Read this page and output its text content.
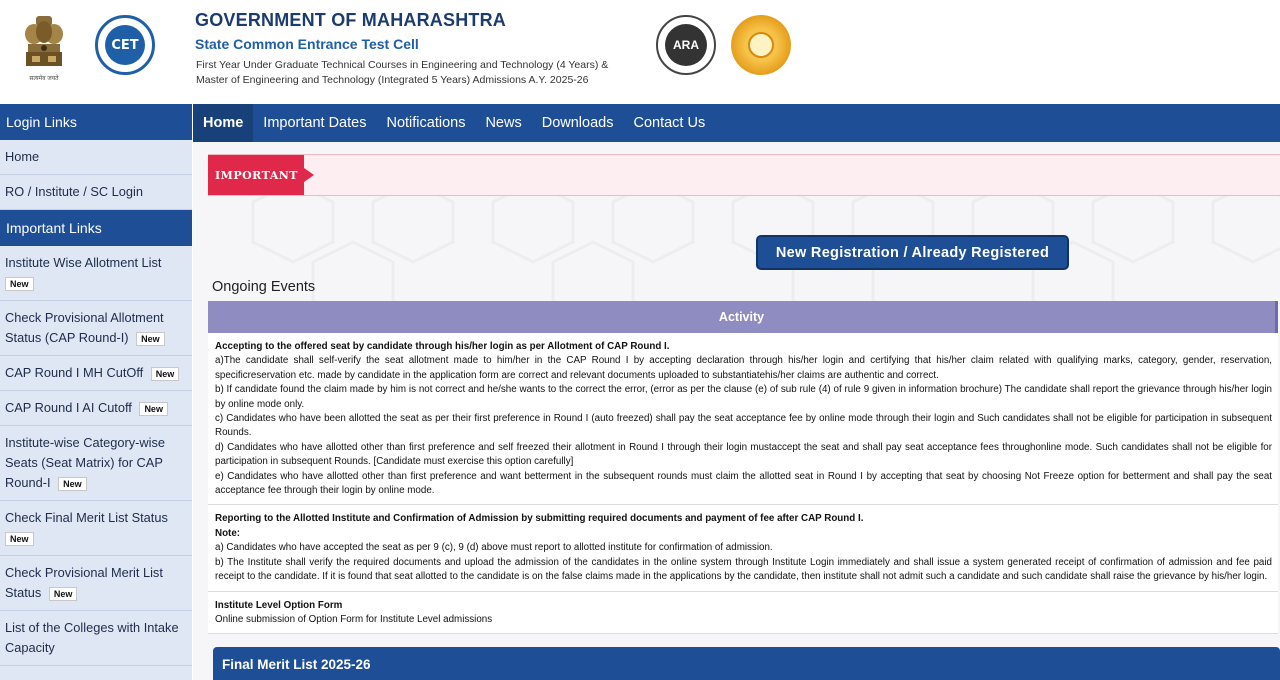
सत्यमेव जयते
CET
GOVERNMENT OF MAHARASHTRA
State Common Entrance Test Cell
First Year Under Graduate Technical Courses in Engineering and Technology (4 Years) &
Master of Engineering and Technology (Integrated 5 Years) Admissions A.Y. 2025-26
ARA
Home	Important Dates	Notifications	News	Downloads	Contact Us
Login Links
Home
RO / Institute / SC Login
Important Links
Institute Wise Allotment List
New
Check Provisional Allotment Status (CAP Round-I) New
CAP Round I MH CutOff New
CAP Round I AI Cutoff New
Institute-wise Category-wise Seats (Seat Matrix) for CAP Round-I New
Check Final Merit List Status
New
Check Provisional Merit List Status New
List of the Colleges with Intake Capacity
IMPORTANT
New Registration / Already Registered
Ongoing Events
Activity

Accepting to the offered seat by candidate through his/her login as per Allotment of CAP Round I.

a)The candidate shall self-verify the seat allotment made to him/her in the CAP Round I by accepting declaration through his/her login and certifying that his/her claim related with qualifying marks, category, gender, reservation, specificreservation etc. made by candidate in the application form are correct and relevant documents uploaded to substantiatehis/her claims are authentic and correct.

b) If candidate found the claim made by him is not correct and he/she wants to the correct the error, (error as per the clause (e) of sub rule (4) of rule 9 given in information brochure) The candidate shall report the grievance through his/her login by online mode only.

c) Candidates who have been allotted the seat as per their first preference in Round I (auto freezed) shall pay the seat acceptance fee by online mode through their login and Such candidates shall not be eligible for participation in subsequent Rounds.

d) Candidates who have allotted other than first preference and self freezed their allotment in Round I through their login mustaccept the seat and shall pay seat acceptance fees throughonline mode. Such candidates shall not be eligible for participation in subsequent Rounds. [Candidate must exercise this option carefully]

e) Candidates who have allotted other than first preference and want betterment in the subsequent rounds must claim the allotted seat in Round I by accepting that seat by choosing Not Freeze option for betterment and shall pay the seat acceptance fee through their login by online mode.

Reporting to the Allotted Institute and Confirmation of Admission by submitting required documents and payment of fee after CAP Round I.

Note:

a) Candidates who have accepted the seat as per 9 (c), 9 (d) above must report to allotted institute for confirmation of admission.

b) The Institute shall verify the required documents and upload the admission of the candidates in the online system through Institute Login immediately and shall issue a system generated receipt of confirmation of admission and fee paid receipt to the candidate. If it is found that seat allotted to the candidate is on the false claims made in the applications by the candidate, then institute shall not admit such a candidate and such candidate shall raise the grievance by his/her login.

Institute Level Option Form

Online submission of Option Form for Institute Level admissions

Final Merit List 2025-26
